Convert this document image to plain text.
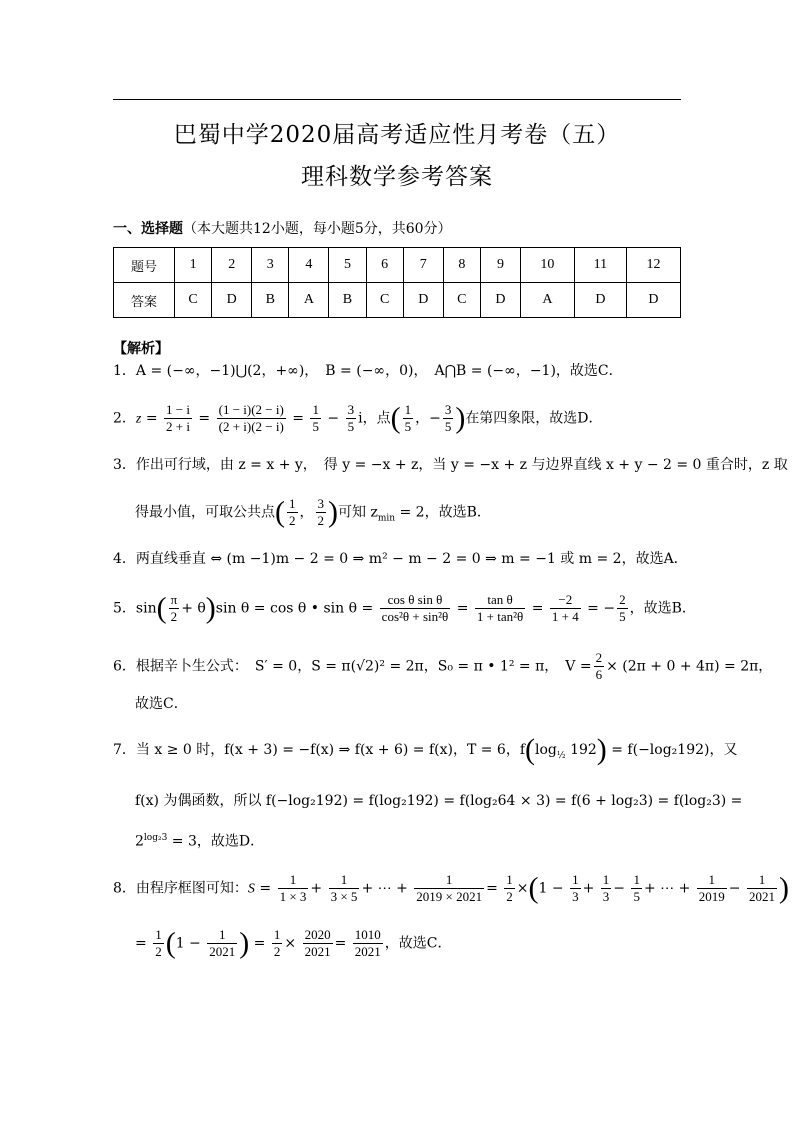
巴蜀中学2020届高考适应性月考卷（五）
理科数学参考答案
一、选择题（本大题共12小题，每小题5分，共60分）
题号	1	2	3	4	5	6	7	8	9	10	11	12
答案	C	D	B	A	B	C	D	C	D	A	D	D
【解析】
1．A = (−∞，−1)⋃(2，+∞)，　B = (−∞，0)，　A⋂B = (−∞，−1)，故选C．
2．$z = \frac{1 - i}{2 + i} = \frac{(1 - i)(2 - i)}{(2 + i)(2 - i)} = \frac{1}{5} - \frac{3}{5}$ i，点( $\frac{1}{5}$ ，− $\frac{3}{5}$ )在第四象限，故选D．
3．作出可行域，由 z = x + y，　得 y = −x + z，当 y = −x + z 与边界直线 x + y − 2 = 0 重合时，z 取
得最小值，可取公共点( $\frac{1}{2}$ ， $\frac{3}{2}$ )可知 $z_{min} = 2$，故选B．
4．两直线垂直 ⇔ (m −1)m − 2 = 0 ⇒ m² − m − 2 = 0 ⇒ m = −1 或 m = 2，故选A．
5．$\sin( \frac{\pi}{2} + \theta)\sin$ θ = cos θ • $\sin \theta = \frac{\text{cos θ sin θ}}{\text{cos²θ + sin²θ}} = \frac{\text{tan θ}}{\text{1 + tan²θ}} = \frac{-2}{1 + 4}$ = − $\frac{2}{5}$ ，故选B．
6．根据辛卜生公式：　S′ = 0，S = π(√2)² = 2π，S₀ = π • 1² = π，　$V = \frac{2}{6} \times (2\pi + 0 + 4\pi) = 2\pi$，
故选C．
7．当 x ≥ 0 时，f(x + 3) = −f(x) ⇒ f(x + 6) = f(x)，T = 6，$f(\log_{\frac{1}{2}}$ 192) = f(−log₂192)，又
f(x) 为偶函数，所以 f(−log₂192) = f(log₂192) = f(log₂64 × 3) = f(6 + log₂3) = f(log₂3) =
$2^{log_23} = 3$，故选D．
8．由程序框图可知：$S = \frac{1}{1 \times 3} + \frac{1}{3 \times 5}$ + ⋯ + $\frac{1}{2019 \times 2021} = \frac{1}{2} \times(1 - \frac{1}{3} + \frac{1}{3} - \frac{1}{5}$ + ⋯ + $\frac{1}{2019} - \frac{1}{2021}$ )
= $\frac{1}{2} (1 - \frac{1}{2021}$ ) = $\frac{1}{2} \times \frac{2020}{2021} = \frac{1010}{2021}$ ，故选C．
